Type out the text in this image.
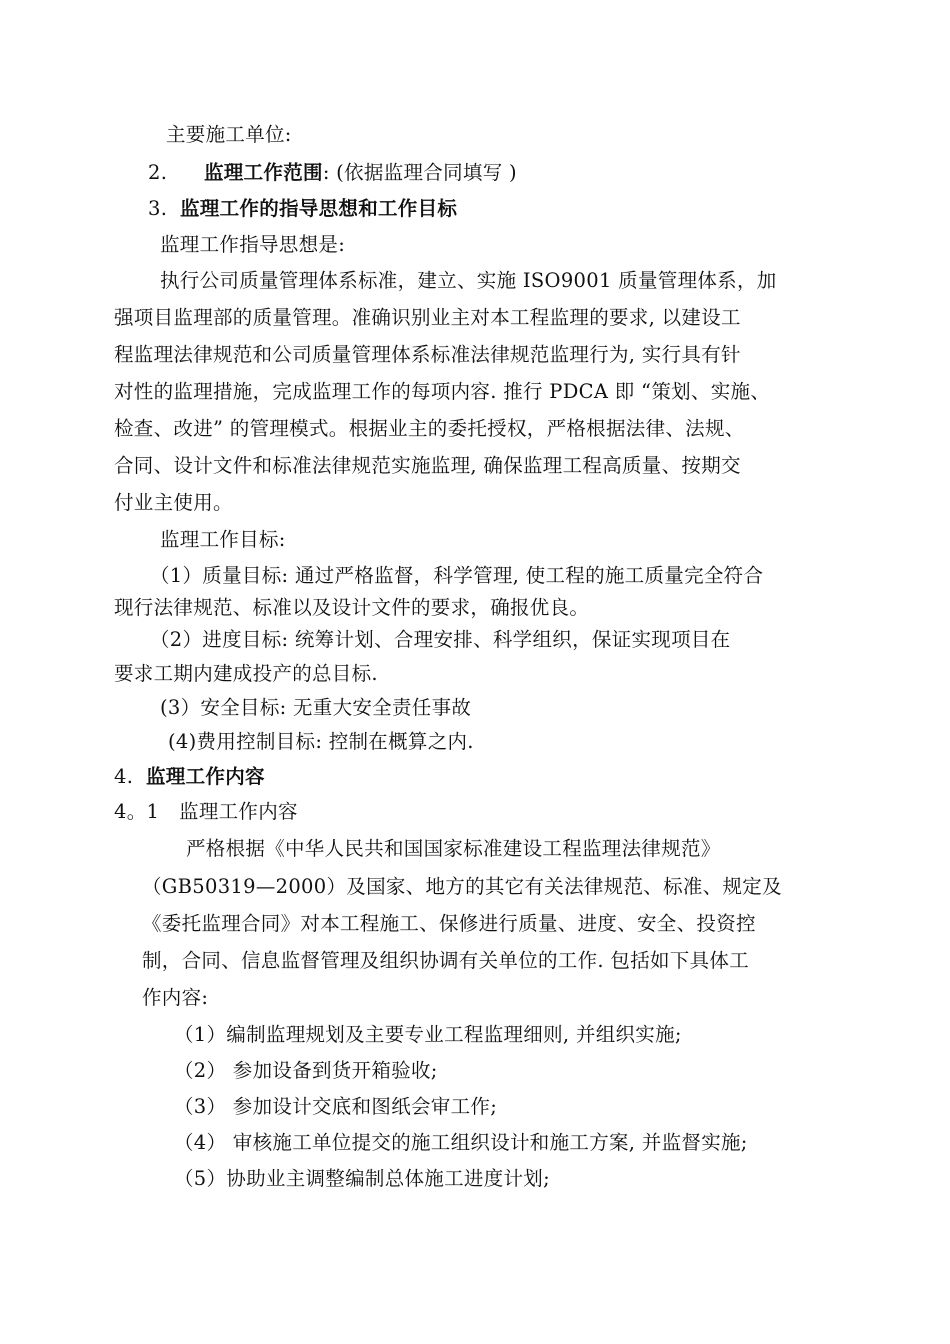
主要施工单位:
2. 监理工作范围: (依据监理合同填写 )
3. 监理工作的指导思想和工作目标
监理工作指导思想是:
执行公司质量管理体系标准，建立、实施 ISO9001 质量管理体系，加
强项目监理部的质量管理。准确识别业主对本工程监理的要求, 以建设工
程监理法律规范和公司质量管理体系标准法律规范监理行为, 实行具有针
对性的监理措施，完成监理工作的每项内容. 推行 PDCA 即 “策划、实施、
检查、改进” 的管理模式。根据业主的委托授权，严格根据法律、法规、
合同、设计文件和标准法律规范实施监理, 确保监理工程高质量、按期交
付业主使用。
监理工作目标:
（1）质量目标: 通过严格监督，科学管理, 使工程的施工质量完全符合
现行法律规范、标准以及设计文件的要求，确报优良。
（2）进度目标: 统筹计划、合理安排、科学组织，保证实现项目在
要求工期内建成投产的总目标.
(3）安全目标: 无重大安全责任事故
(4)费用控制目标: 控制在概算之内.
4. 监理工作内容
4。1　监理工作内容
严格根据《中华人民共和国国家标准建设工程监理法律规范》
（GB50319—2000）及国家、地方的其它有关法律规范、标准、规定及
《委托监理合同》对本工程施工、保修进行质量、进度、安全、投资控
制，合同、信息监督管理及组织协调有关单位的工作. 包括如下具体工
作内容:
（1）编制监理规划及主要专业工程监理细则, 并组织实施;
（2） 参加设备到货开箱验收;
（3） 参加设计交底和图纸会审工作;
（4） 审核施工单位提交的施工组织设计和施工方案, 并监督实施;
（5）协助业主调整编制总体施工进度计划;
